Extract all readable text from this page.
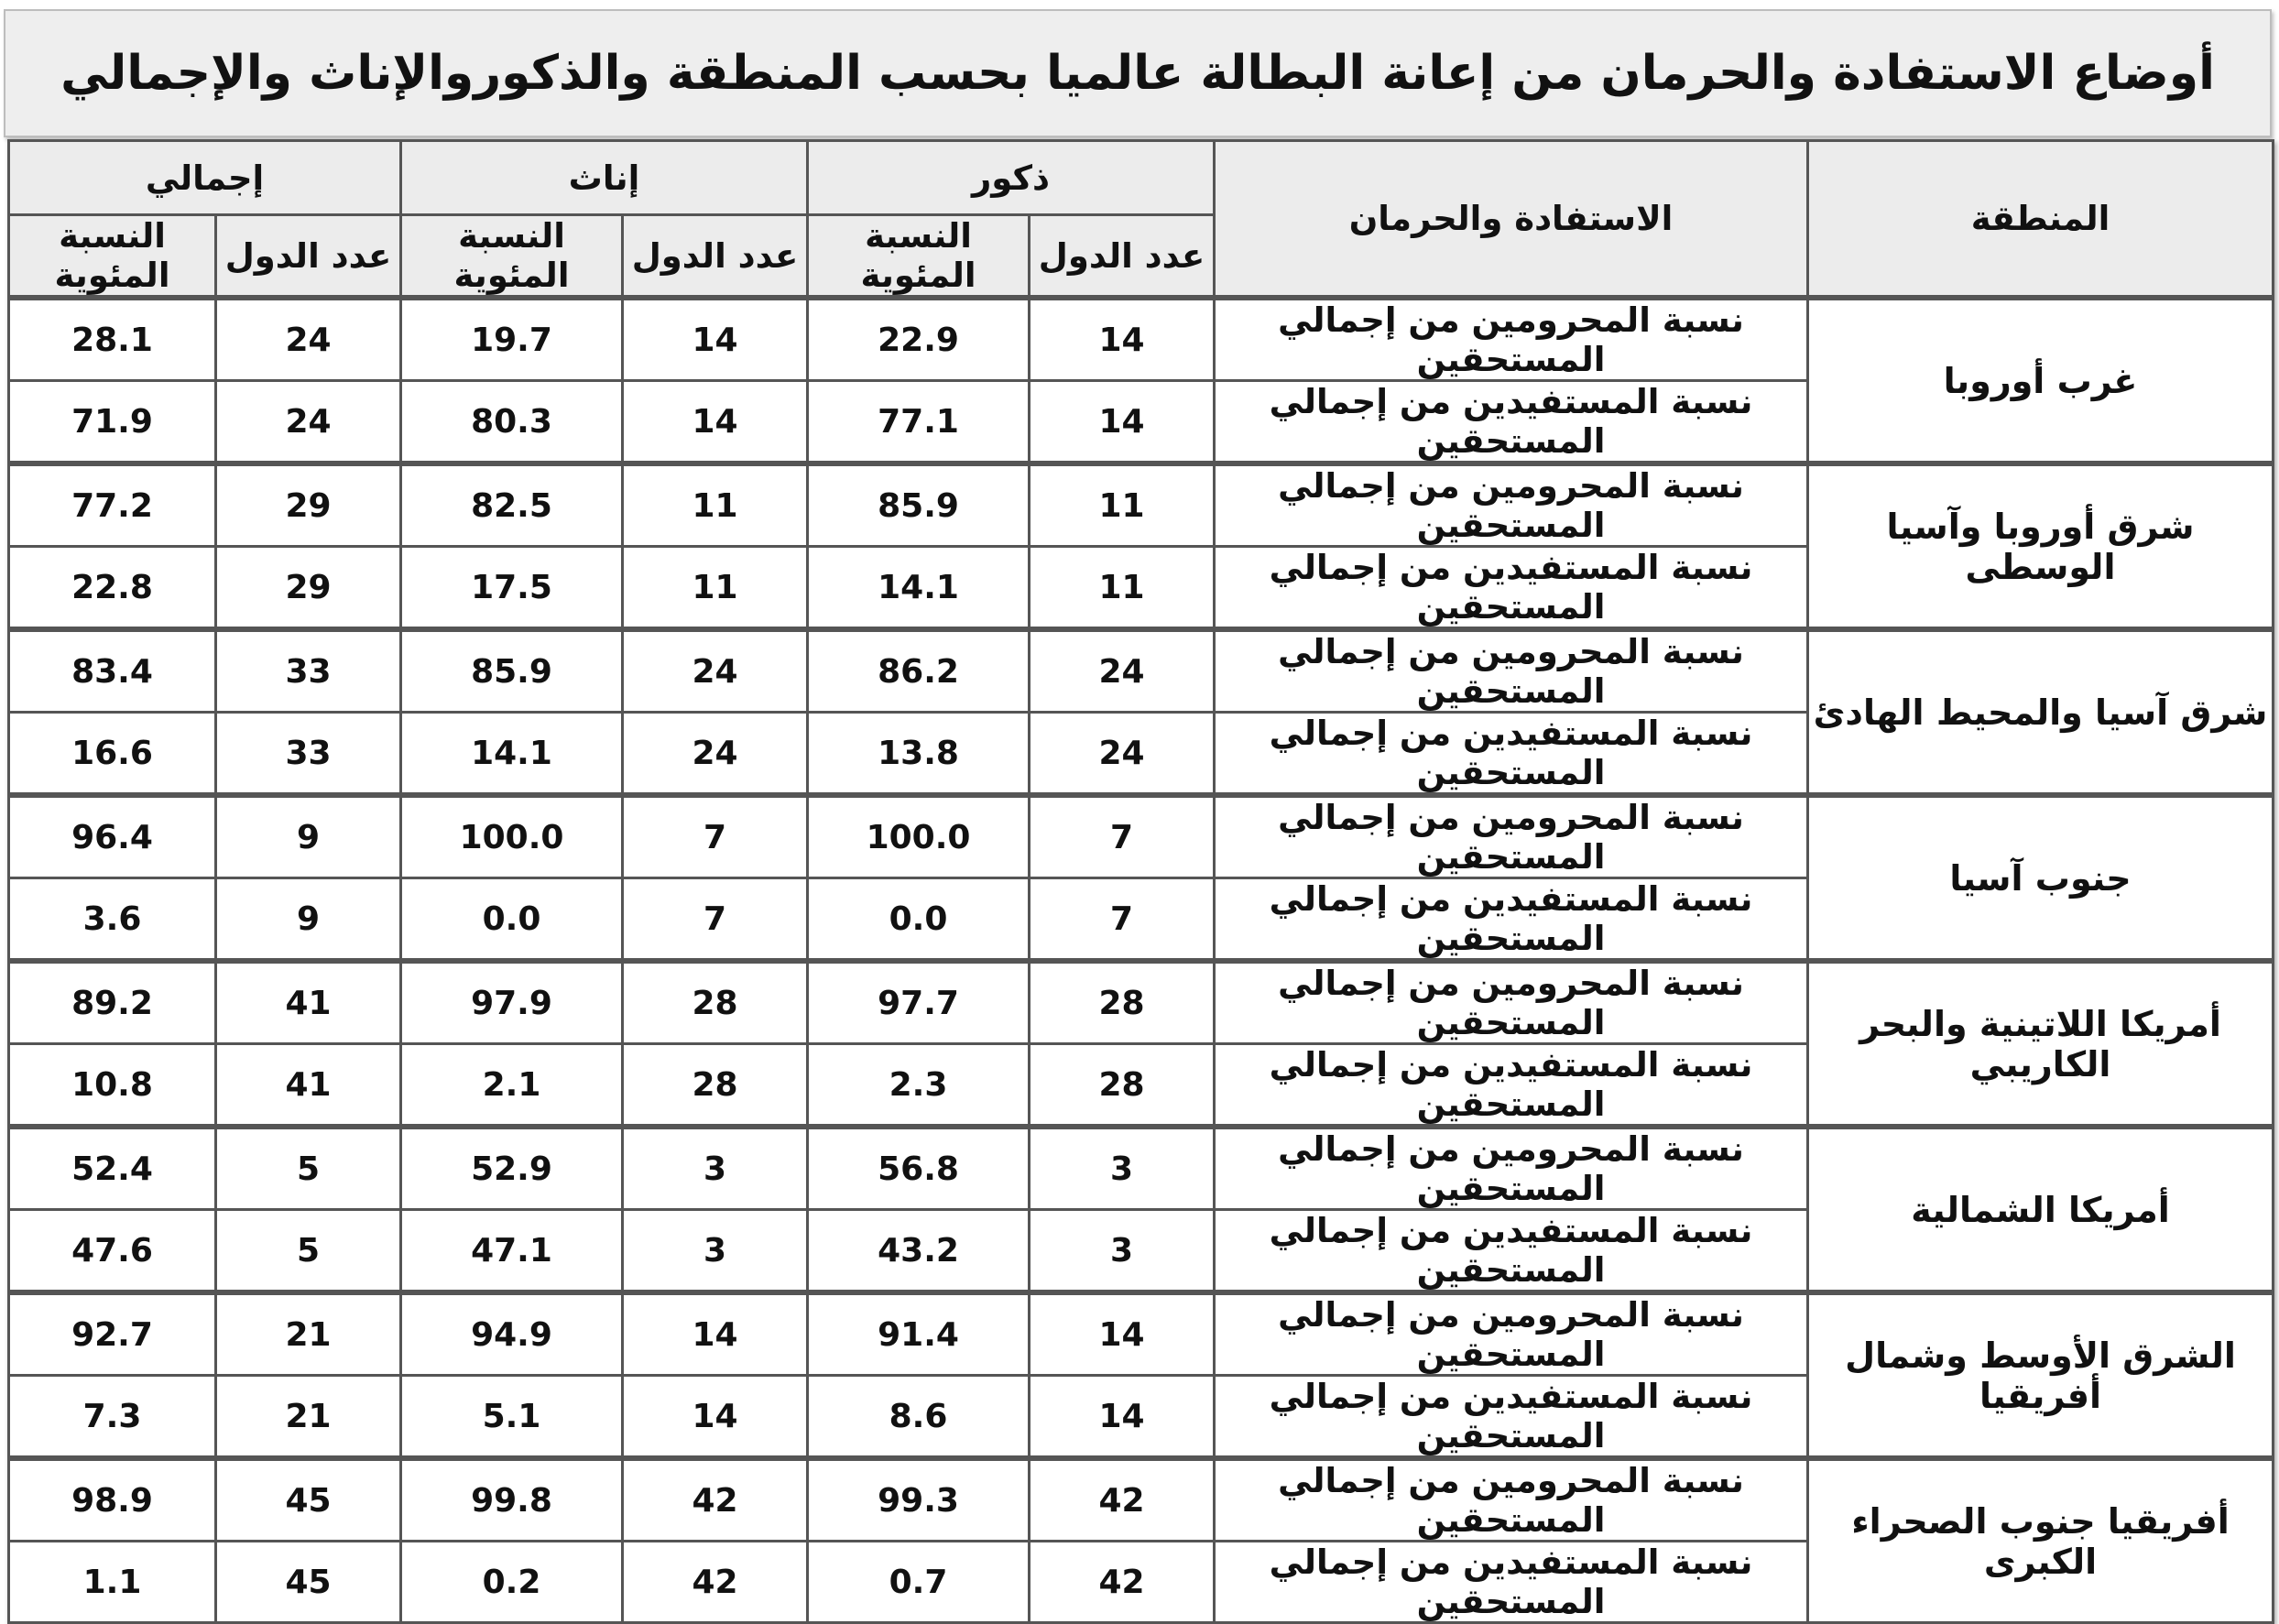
أوضاع الاستفادة والحرمان من إعانة البطالة عالميا بحسب المنطقة والذكوروالإناث والإجمالي
المنطقة	الاستفادة والحرمان	ذكور		إناث		إجمالي	
		عدد الدول	النسبة المئوية	عدد الدول	النسبة المئوية	عدد الدول	النسبة المئوية
غرب أوروبا	نسبة المحرومين من إجمالي المستحقين	14	22.9	14	19.7	24	28.1
	نسبة المستفيدين من إجمالي المستحقين	14	77.1	14	80.3	24	71.9
شرق أوروبا وآسيا الوسطى	نسبة المحرومين من إجمالي المستحقين	11	85.9	11	82.5	29	77.2
	نسبة المستفيدين من إجمالي المستحقين	11	14.1	11	17.5	29	22.8
شرق آسيا والمحيط الهادئ	نسبة المحرومين من إجمالي المستحقين	24	86.2	24	85.9	33	83.4
	نسبة المستفيدين من إجمالي المستحقين	24	13.8	24	14.1	33	16.6
جنوب آسيا	نسبة المحرومين من إجمالي المستحقين	7	100.0	7	100.0	9	96.4
	نسبة المستفيدين من إجمالي المستحقين	7	0.0	7	0.0	9	3.6
أمريكا اللاتينية والبحر الكاريبي	نسبة المحرومين من إجمالي المستحقين	28	97.7	28	97.9	41	89.2
	نسبة المستفيدين من إجمالي المستحقين	28	2.3	28	2.1	41	10.8
أمريكا الشمالية	نسبة المحرومين من إجمالي المستحقين	3	56.8	3	52.9	5	52.4
	نسبة المستفيدين من إجمالي المستحقين	3	43.2	3	47.1	5	47.6
الشرق الأوسط وشمال أفريقيا	نسبة المحرومين من إجمالي المستحقين	14	91.4	14	94.9	21	92.7
	نسبة المستفيدين من إجمالي المستحقين	14	8.6	14	5.1	21	7.3
أفريقيا جنوب الصحراء الكبرى	نسبة المحرومين من إجمالي المستحقين	42	99.3	42	99.8	45	98.9
	نسبة المستفيدين من إجمالي المستحقين	42	0.7	42	0.2	45	1.1
